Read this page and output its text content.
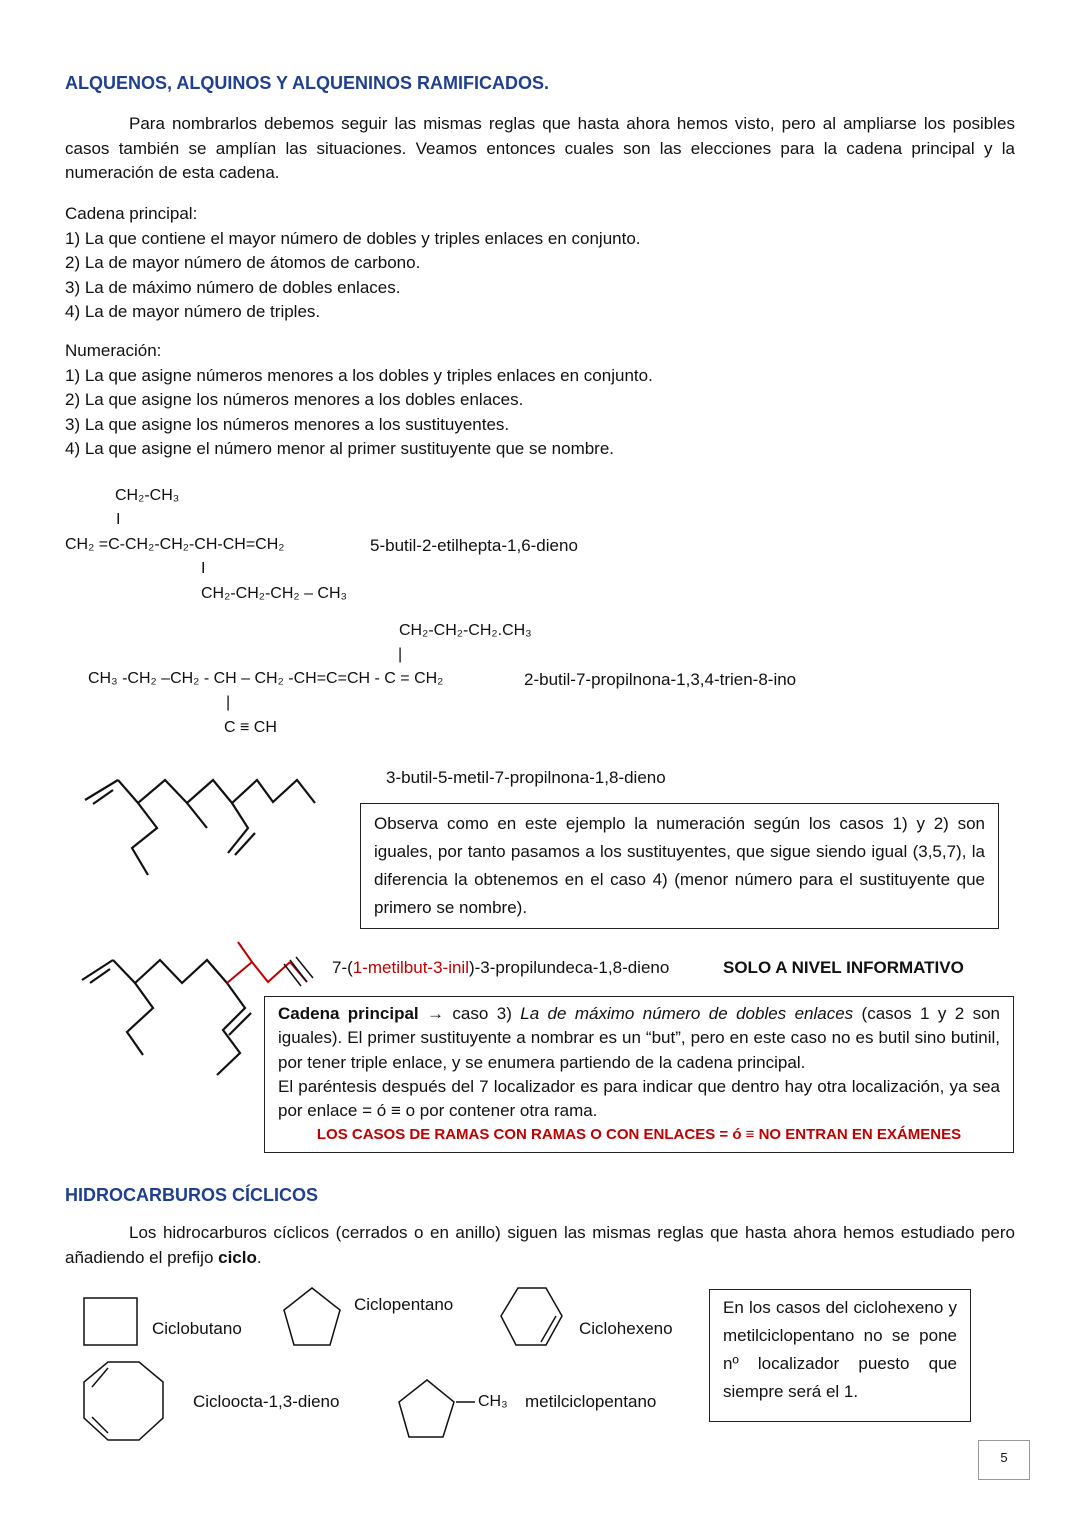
ALQUENOS, ALQUINOS Y ALQUENINOS RAMIFICADOS.
Para nombrarlos debemos seguir las mismas reglas que hasta ahora hemos visto, pero al ampliarse los posibles casos también se amplían las situaciones. Veamos entonces cuales son las elecciones para la cadena principal y la numeración de esta cadena.
Cadena principal:
1) La que contiene el mayor número de dobles y triples enlaces en conjunto.
2) La de mayor número de átomos de carbono.
3) La de máximo número de dobles enlaces.
4) La de mayor número de triples.
Numeración:
1) La que asigne números menores a los dobles y triples enlaces en conjunto.
2) La que asigne los números menores a los dobles enlaces.
3) La que asigne los números menores a los sustituyentes.
4) La que asigne el número menor al primer sustituyente que se nombre.
CH₂-CH₃
I
CH₂ =C-CH₂-CH₂-CH-CH=CH₂	5-butil-2-etilhepta-1,6-dieno
I
CH₂-CH₂-CH₂ – CH₃
CH₂-CH₂-CH₂.CH₃
|
CH₃ -CH₂ –CH₂ - CH – CH₂ -CH=C=CH - C = CH₂	2-butil-7-propilnona-1,3,4-trien-8-ino
|
C ≡ CH
3-butil-5-metil-7-propilnona-1,8-dieno
Observa como en este ejemplo la numeración según los casos 1) y 2) son iguales, por tanto pasamos a los sustituyentes, que sigue siendo igual (3,5,7), la diferencia la obtenemos en el caso 4) (menor número para el sustituyente que primero se nombre).
7-(1-metilbut-3-inil)-3-propilundeca-1,8-dieno	SOLO A NIVEL INFORMATIVO
Cadena principal → caso 3) La de máximo número de dobles enlaces (casos 1 y 2 son iguales). El primer sustituyente a nombrar es un “but”, pero en este caso no es butil sino butinil, por tener triple enlace, y se enumera partiendo de la cadena principal.
El paréntesis después del 7 localizador es para indicar que dentro hay otra localización, ya sea por enlace = ó ≡ o por contener otra rama.
LOS CASOS DE RAMAS CON RAMAS O CON ENLACES = ó ≡ NO ENTRAN EN EXÁMENES
HIDROCARBUROS CÍCLICOS
Los hidrocarburos cíclicos (cerrados o en anillo) siguen las mismas reglas que hasta ahora hemos estudiado pero añadiendo el prefijo ciclo.
Ciclobutano
Ciclopentano
Ciclohexeno
Cicloocta-1,3-dieno	CH₃ metilciclopentano
En los casos del ciclohexeno y metilciclopentano no se pone nº localizador puesto que siempre será el 1.
5
